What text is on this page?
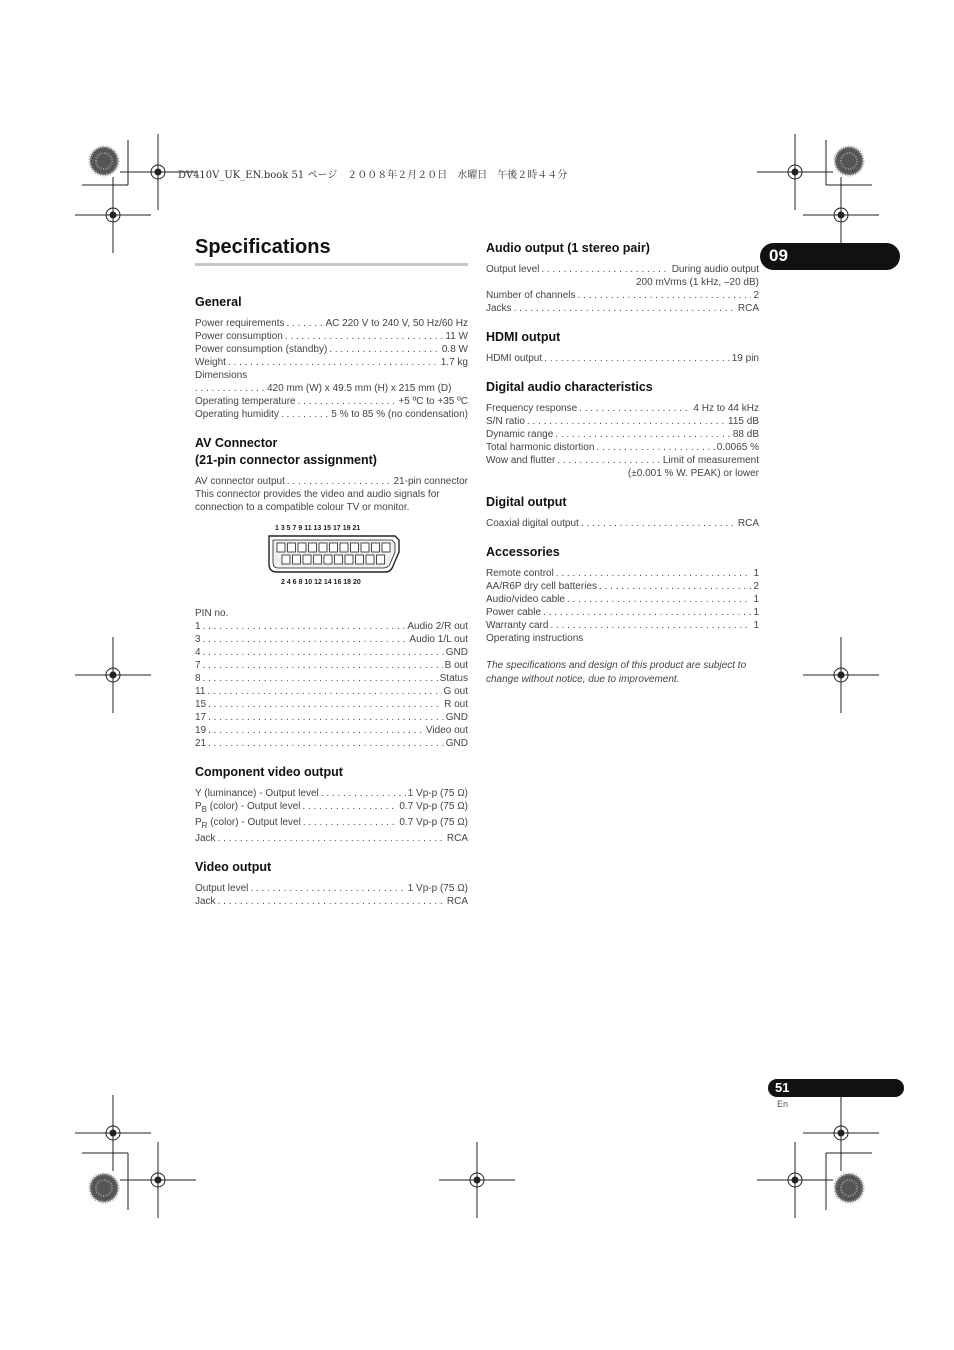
DV410V_UK_EN.book 51 ページ　２００８年２月２０日　水曜日　午後２時４４分
Specifications	09
General
Power requirements . . .	AC 220 V to 240 V, 50 Hz/60 Hz
Power consumption . . .	11 W
Power consumption (standby) . . .	0.8 W
Weight . . .	1.7 kg
Dimensions
. . .
420 mm (W) x 49.5 mm (H) x 215 mm (D)
Operating temperature . . .	+5 ºC to +35 ºC
Operating humidity . . .	5 % to 85 % (no condensation)
AV Connector
(21-pin connector assignment)
AV connector output . . .	21-pin connector
This connector provides the video and audio signals for connection to a compatible colour TV or monitor.
1 3 5 7 9 11 13 15 17 19 21
2 4 6 8 10 12 14 16 18 20
PIN no.
1 . . .	Audio 2/R out
3 . . .	Audio 1/L out
4 . . .	GND
7 . . .	B out
8 . . .	Status
11 . . .	G out
15 . . .	R out
17 . . .	GND
19 . . .	Video out
21 . . .	GND
Component video output
Y (luminance) - Output level . . .	1 Vp-p (75 Ω)
$P_B$ (color) - Output level . . .	0.7 Vp-p (75 Ω)
$P_R$ (color) - Output level . . .	0.7 Vp-p (75 Ω)
Jack . . .	RCA
Video output
Output level . . .	1 Vp-p (75 Ω)
Jack . . .	RCA
Audio output (1 stereo pair)
Output level . . .	During audio output
200 mVrms (1 kHz, –20 dB)
Number of channels . . .	2
Jacks . . .	RCA
HDMI output
HDMI output . . .	19 pin
Digital audio characteristics
Frequency response . . .	4 Hz to 44 kHz
S/N ratio . . .	115 dB
Dynamic range . . .	88 dB
Total harmonic distortion . . .	0.0065 %
Wow and flutter . . .	Limit of measurement
(±0.001 % W. PEAK) or lower
Digital output
Coaxial digital output . . .	RCA
Accessories
Remote control . . .	1
AA/R6P dry cell batteries . . .	2
Audio/video cable . . .	1
Power cable . . .	1
Warranty card . . .	1
Operating instructions
The specifications and design of this product are subject to change without notice, due to improvement.
51
En
